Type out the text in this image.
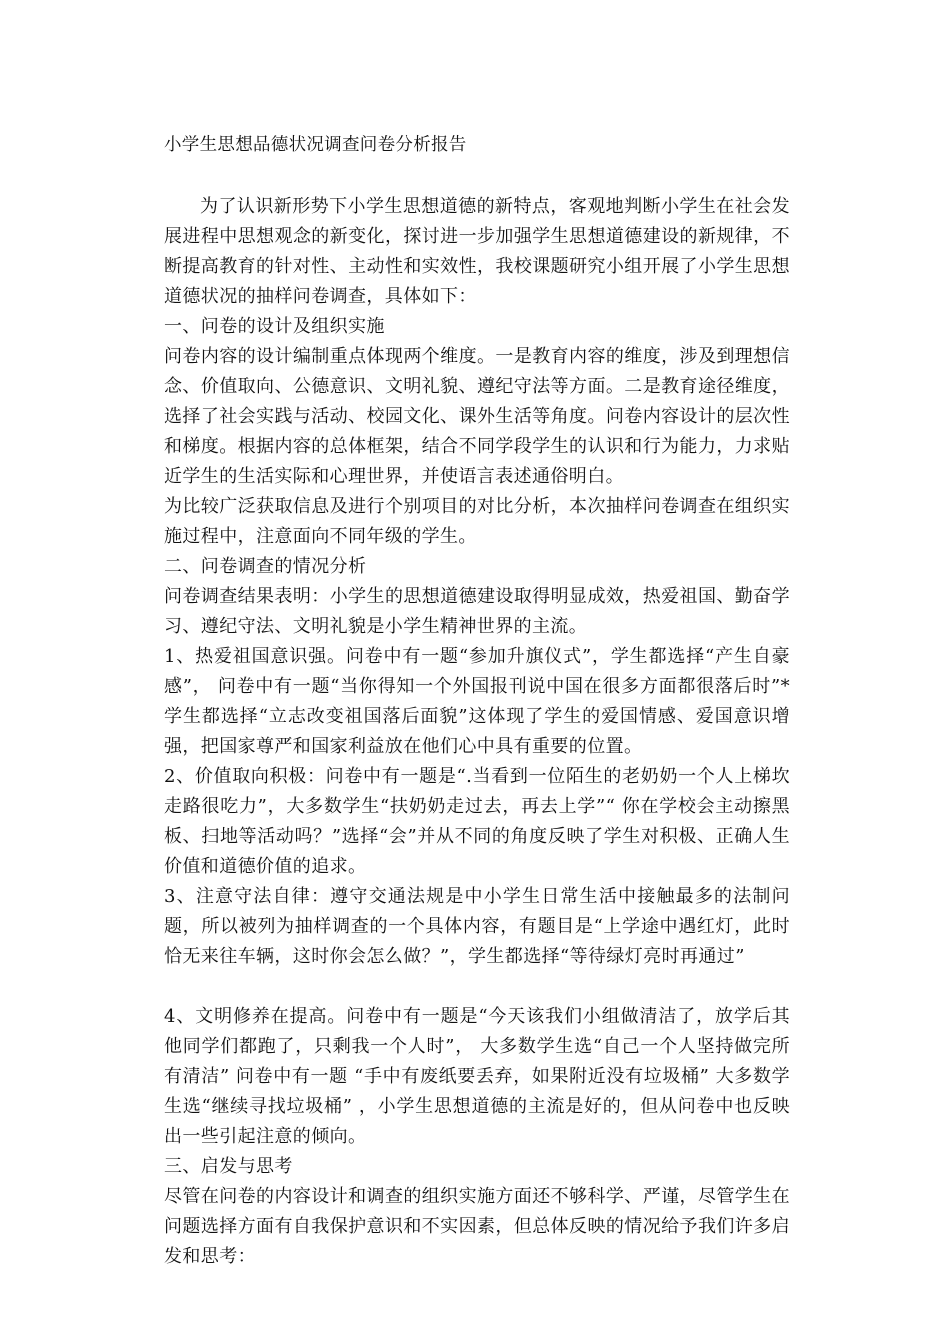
小学生思想品德状况调查问卷分析报告

为了认识新形势下小学生思想道德的新特点，客观地判断小学生在社会发展进程中思想观念的新变化，探讨进一步加强学生思想道德建设的新规律，不断提高教育的针对性、主动性和实效性，我校课题研究小组开展了小学生思想道德状况的抽样问卷调查，具体如下：

一、问卷的设计及组织实施

问卷内容的设计编制重点体现两个维度。一是教育内容的维度，涉及到理想信念、价值取向、公德意识、文明礼貌、遵纪守法等方面。二是教育途径维度，选择了社会实践与活动、校园文化、课外生活等角度。问卷内容设计的层次性和梯度。根据内容的总体框架，结合不同学段学生的认识和行为能力，力求贴近学生的生活实际和心理世界，并使语言表述通俗明白。

为比较广泛获取信息及进行个别项目的对比分析，本次抽样问卷调查在组织实施过程中，注意面向不同年级的学生。

二、问卷调查的情况分析

问卷调查结果表明：小学生的思想道德建设取得明显成效，热爱祖国、勤奋学习、遵纪守法、文明礼貌是小学生精神世界的主流。

1、热爱祖国意识强。问卷中有一题“参加升旗仪式”，学生都选择“产生自豪感”， 问卷中有一题“当你得知一个外国报刊说中国在很多方面都很落后时”*学生都选择“立志改变祖国落后面貌”这体现了学生的爱国情感、爱国意识增强，把国家尊严和国家利益放在他们心中具有重要的位置。

2、价值取向积极：问卷中有一题是“.当看到一位陌生的老奶奶一个人上梯坎走路很吃力”，大多数学生“扶奶奶走过去，再去上学”“ 你在学校会主动擦黑板、扫地等活动吗？”选择“会”并从不同的角度反映了学生对积极、正确人生价值和道德价值的追求。

3、注意守法自律：遵守交通法规是中小学生日常生活中接触最多的法制问题，所以被列为抽样调查的一个具体内容，有题目是“上学途中遇红灯，此时恰无来往车辆，这时你会怎么做？”，学生都选择“等待绿灯亮时再通过”

4、文明修养在提高。问卷中有一题是“今天该我们小组做清洁了，放学后其他同学们都跑了，只剩我一个人时”， 大多数学生选“自己一个人坚持做完所有清洁” 问卷中有一题 “手中有废纸要丢弃，如果附近没有垃圾桶” 大多数学生选“继续寻找垃圾桶” ，小学生思想道德的主流是好的，但从问卷中也反映出一些引起注意的倾向。

三、启发与思考

尽管在问卷的内容设计和调查的组织实施方面还不够科学、严谨，尽管学生在问题选择方面有自我保护意识和不实因素，但总体反映的情况给予我们许多启发和思考：
